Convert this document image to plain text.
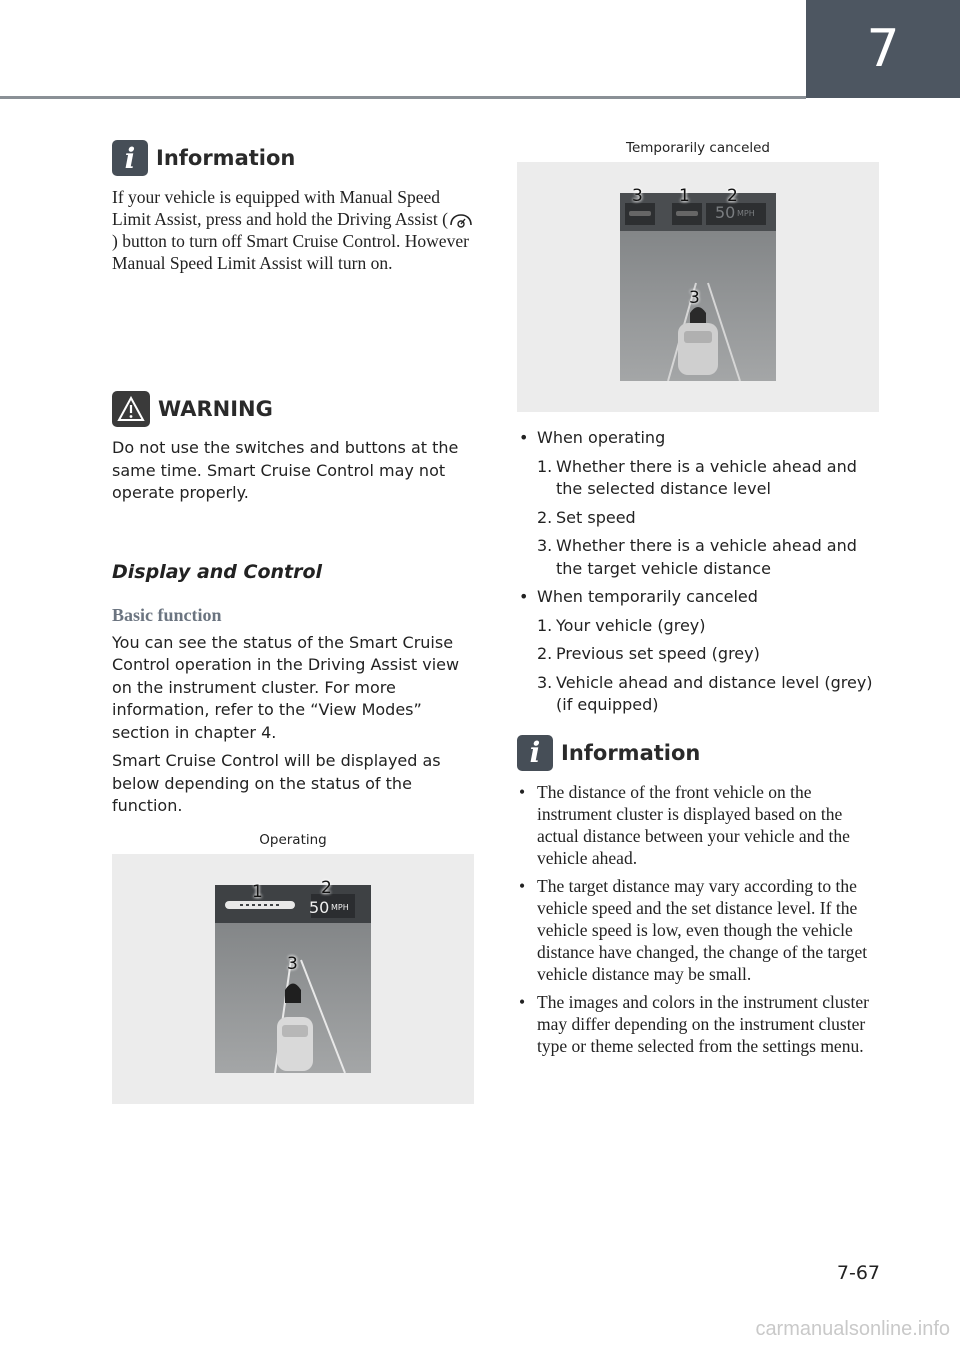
7
7-67
carmanualsonline.info
i Information
If your vehicle is equipped with Manual Speed Limit Assist, press and hold the Driving Assist () button to turn off Smart Cruise Control. However Manual Speed Limit Assist will turn on.
WARNING

Do not use the switches and buttons at the same time. Smart Cruise Control may not operate properly.

Display and Control
Basic function

You can see the status of the Smart Cruise Control operation in the Driving Assist view on the instrument cluster. For more information, refer to the “View Modes” section in chapter 4.

Smart Cruise Control will be displayed as below depending on the status of the function.

Operating
50 MPH
1	2
3
Temporarily canceled
50 MPH
3 1 2
3
• When operating
1. Whether there is a vehicle ahead and the selected distance level
2. Set speed
3. Whether there is a vehicle ahead and the target vehicle distance
• When temporarily canceled
1. Your vehicle (grey)
2. Previous set speed (grey)
3. Vehicle ahead and distance level (grey) (if equipped)
i Information
• The distance of the front vehicle on the instrument cluster is displayed based on the actual distance between your vehicle and the vehicle ahead.
• The target distance may vary according to the vehicle speed and the set distance level. If the vehicle speed is low, even though the vehicle distance have changed, the change of the target vehicle distance may be small.
• The images and colors in the instrument cluster may differ depending on the instrument cluster type or theme selected from the settings menu.
